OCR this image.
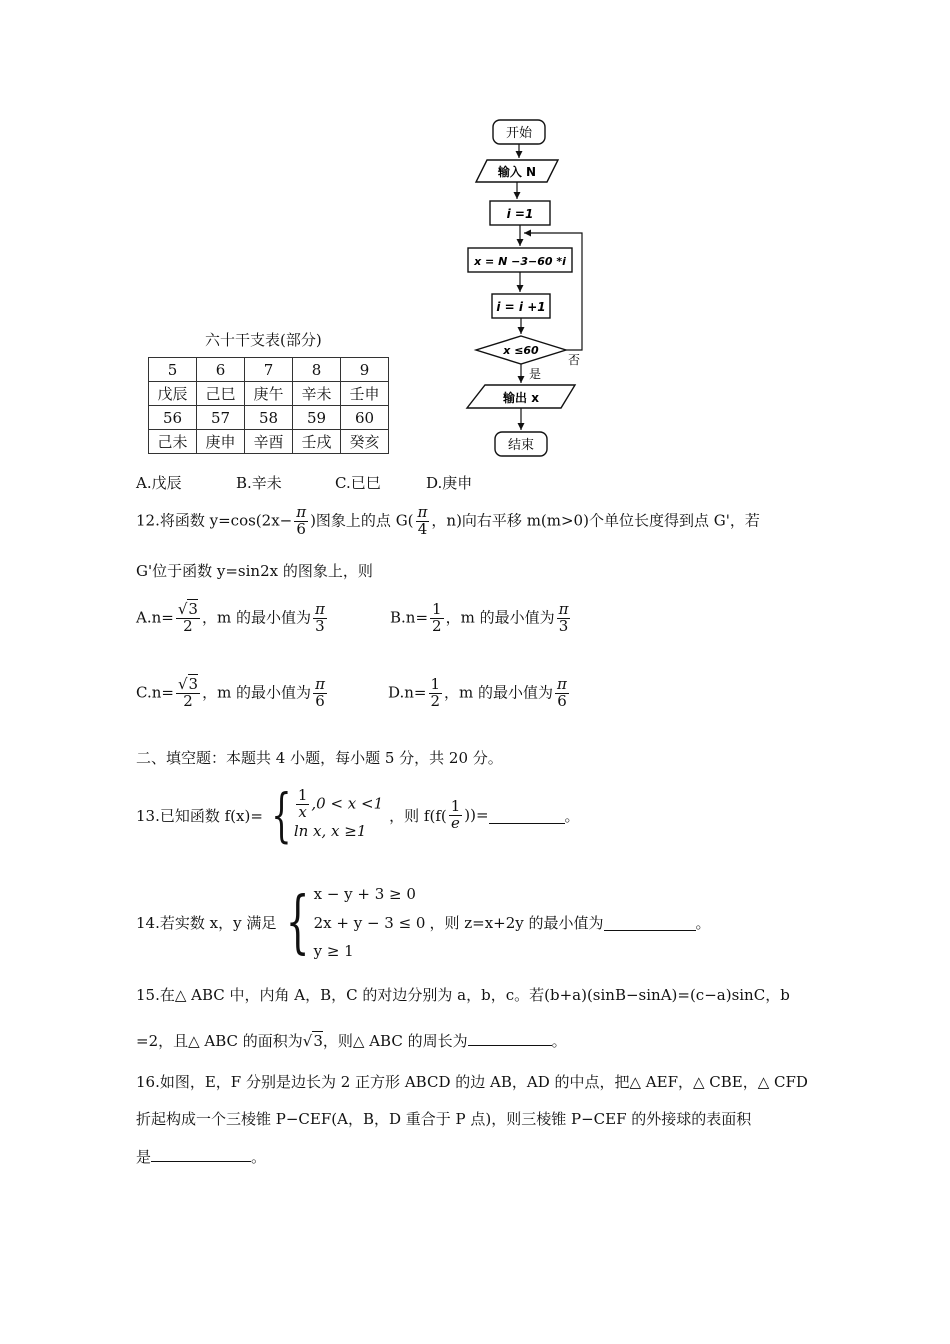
开始
输入 N
i =1
x = N −3−60 *i
i = i +1
x ≤60
否
是
输出 x
结束
六十干支表(部分)
5	6	7	8	9
戊辰	己巳	庚午	辛未	壬申
56	57	58	59	60
己未	庚申	辛酉	壬戌	癸亥
A.戊辰	B.辛未	C.已巳	D.庚申
12.将函数 $y=\cos(2x- \frac{\pi}{6}$ )图象上的点 $G( \frac{\pi}{4}$ ，n)向右平移 m(m>0)个单位长度得到点 G'，若
G'位于函数 y=sin2x 的图象上，则
$A.n= \frac{√3}{2}$ ，m 的最小值为 $\frac{\pi}{3}$	$B.n= \frac{1}{2}$ ，m 的最小值为 $\frac{\pi}{3}$
$C.n= \frac{√3}{2}$ ，m 的最小值为 $\frac{\pi}{6}$	$D.n= \frac{1}{2}$ ，m 的最小值为 $\frac{\pi}{6}$
二、填空题：本题共 4 小题，每小题 5 分，共 20 分。
13.已知函数 f(x)= { $\frac{1}{x} ,0 < x <1$
ln x, x ≥1
，则 $f(f( \frac{1}{e}$ ))=	。
14.若实数 x，y 满足 { x − y + 3 ≥ 0
2x + y − 3 ≤ 0
y ≥ 1
，则 z=x+2y 的最小值为	。
15.在△ ABC 中，内角 A，B，C 的对边分别为 a，b，c。若(b+a)(sinB−sinA)=(c−a)sinC，b
=2，且△ ABC 的面积为√3，则△ ABC 的周长为	。
16.如图，E，F 分别是边长为 2 正方形 ABCD 的边 AB，AD 的中点，把△ AEF，△ CBE，△ CFD
折起构成一个三棱锥 P−CEF(A，B，D 重合于 P 点)，则三棱锥 P−CEF 的外接球的表面积
是	。
